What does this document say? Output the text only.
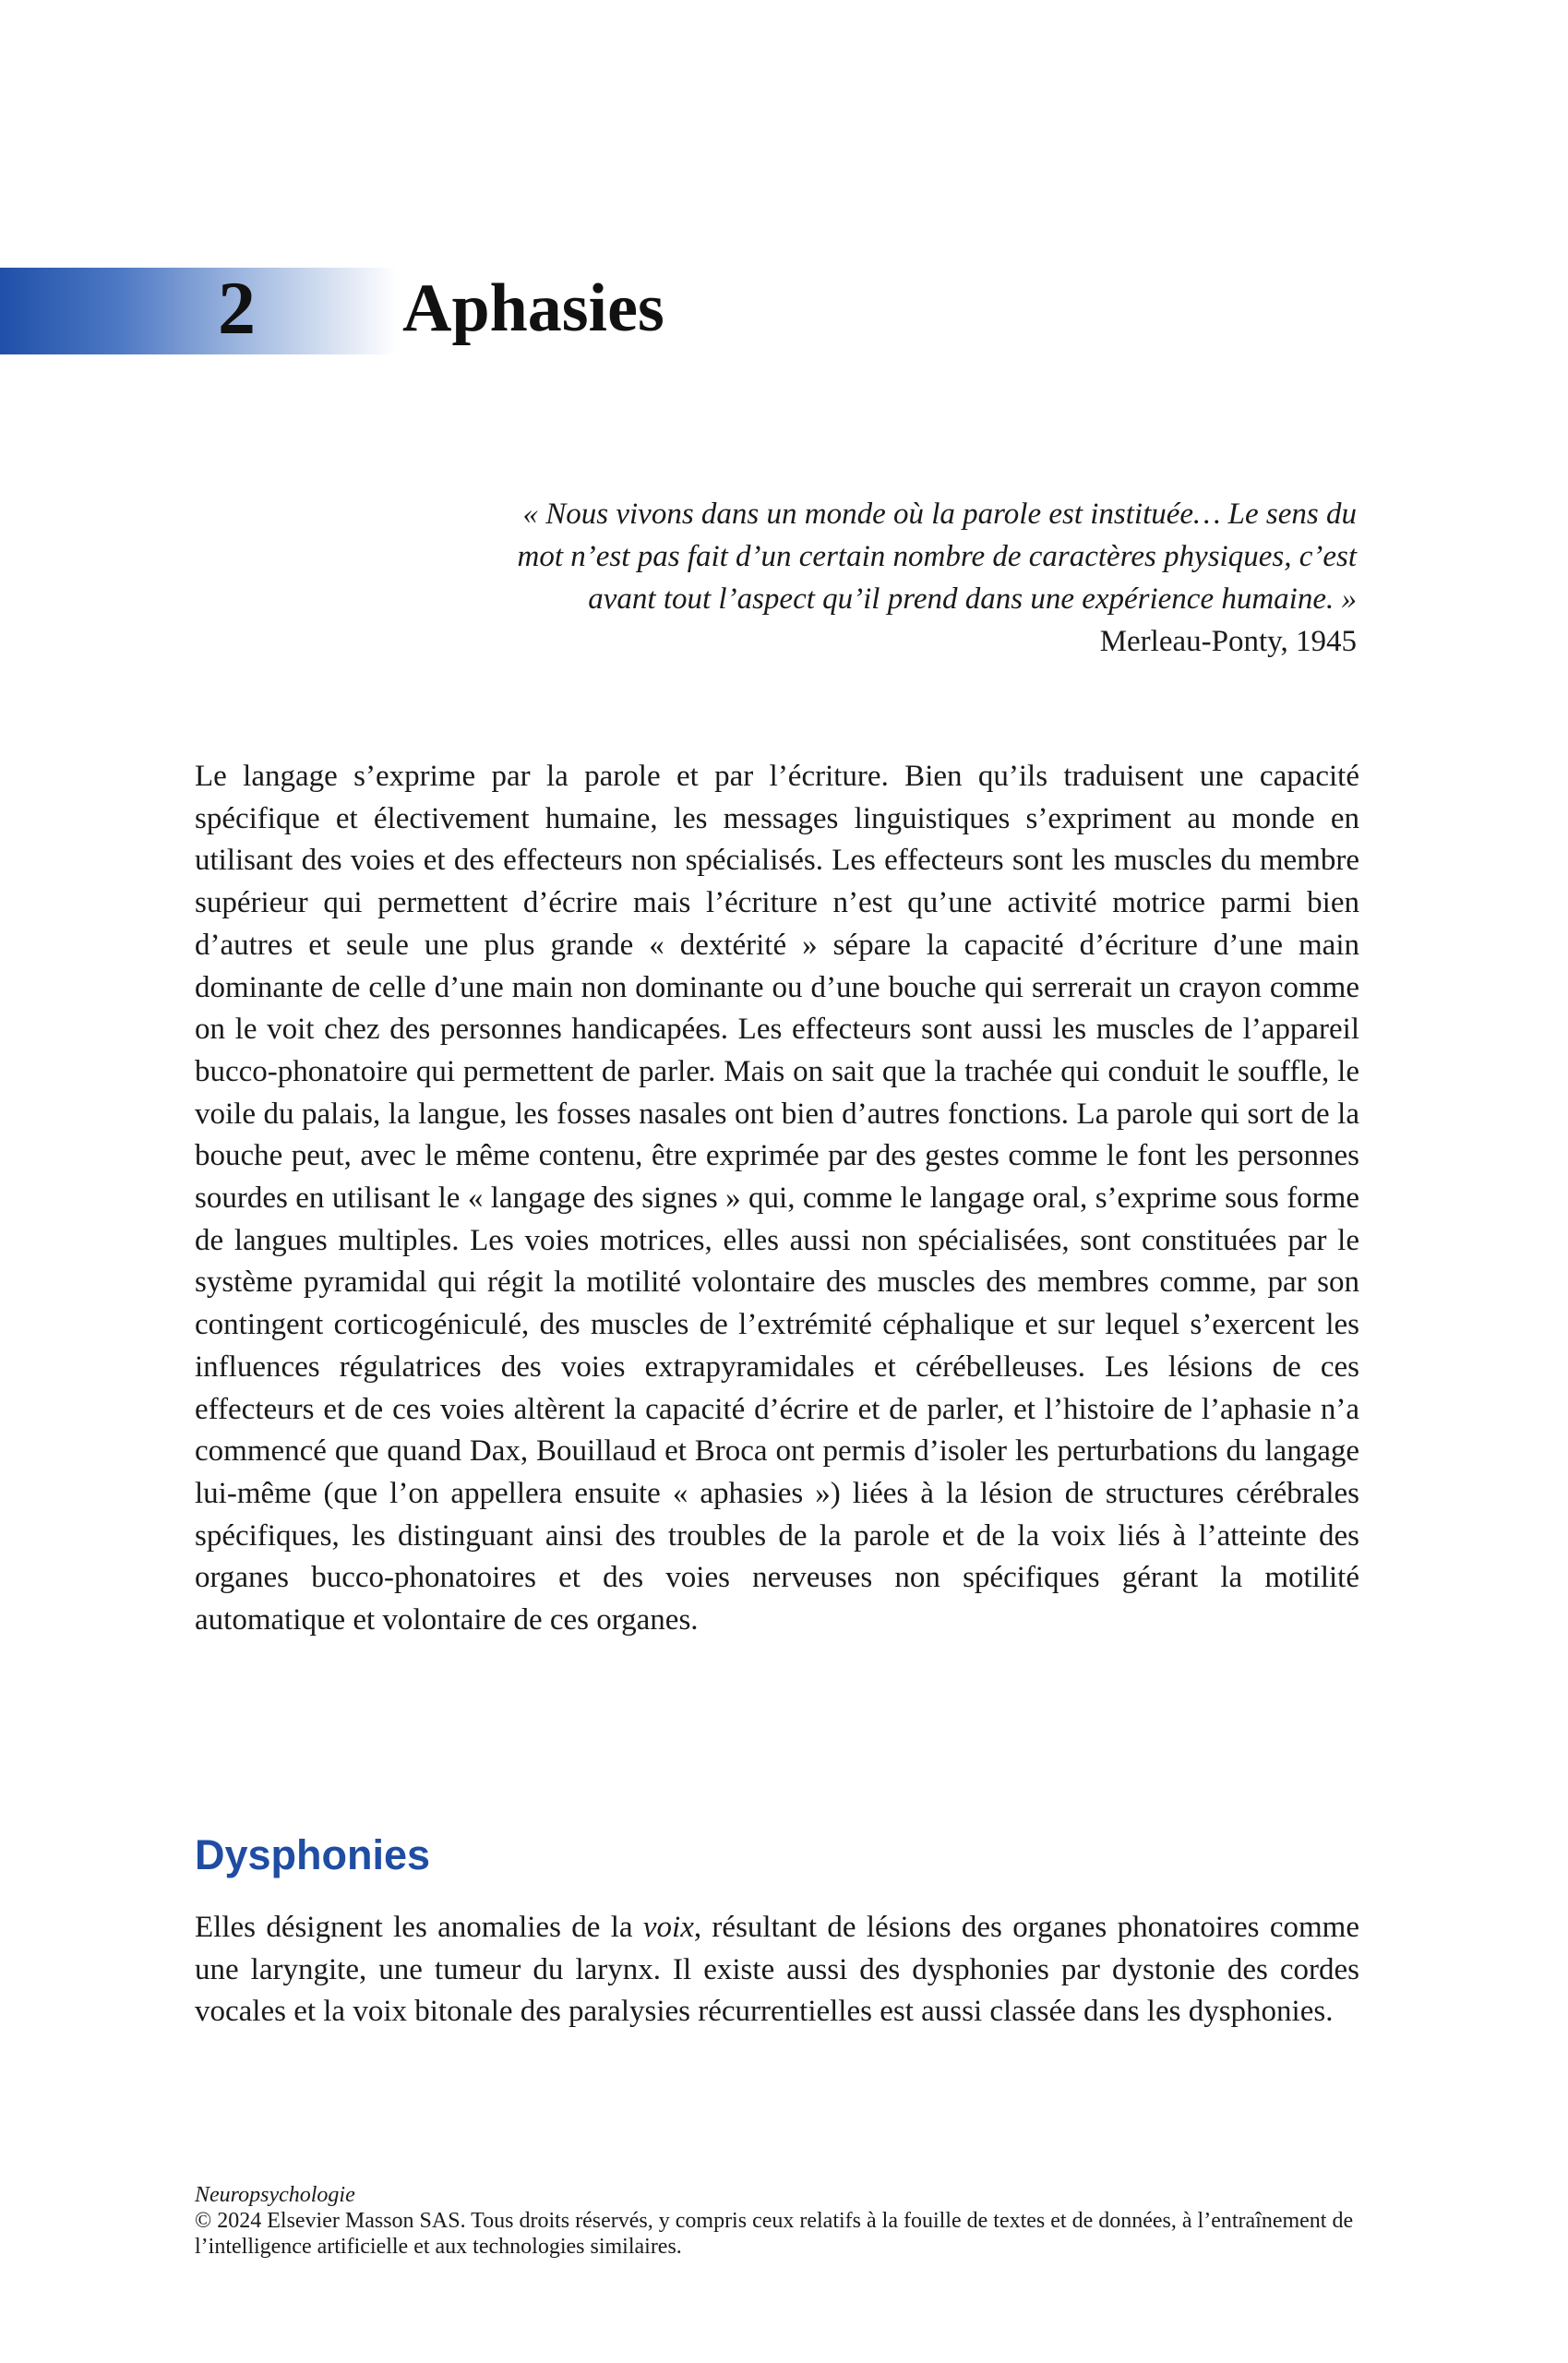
2 Aphasies

« Nous vivons dans un monde où la parole est instituée… Le sens du mot n’est pas fait d’un certain nombre de caractères physiques, c’est avant tout l’aspect qu’il prend dans une expérience humaine. »

Merleau-Ponty, 1945

Le langage s’exprime par la parole et par l’écriture. Bien qu’ils traduisent une capacité spécifique et électivement humaine, les messages linguistiques s’expriment au monde en utilisant des voies et des effecteurs non spécialisés. Les effecteurs sont les muscles du membre supérieur qui permettent d’écrire mais l’écriture n’est qu’une activité motrice parmi bien d’autres et seule une plus grande « dextérité » sépare la capacité d’écriture d’une main dominante de celle d’une main non dominante ou d’une bouche qui serrerait un crayon comme on le voit chez des personnes handicapées. Les effecteurs sont aussi les muscles de l’appareil bucco-phonatoire qui permettent de parler. Mais on sait que la trachée qui conduit le souffle, le voile du palais, la langue, les fosses nasales ont bien d’autres fonctions. La parole qui sort de la bouche peut, avec le même contenu, être exprimée par des gestes comme le font les personnes sourdes en utilisant le « langage des signes » qui, comme le langage oral, s’exprime sous forme de langues multiples. Les voies motrices, elles aussi non spécialisées, sont constituées par le système pyramidal qui régit la motilité volontaire des muscles des membres comme, par son contingent corticogéniculé, des muscles de l’extrémité céphalique et sur lequel s’exercent les influences régulatrices des voies extrapyramidales et cérébelleuses. Les lésions de ces effecteurs et de ces voies altèrent la capacité d’écrire et de parler, et l’histoire de l’aphasie n’a commencé que quand Dax, Bouillaud et Broca ont permis d’isoler les perturbations du langage lui-même (que l’on appellera ensuite « aphasies ») liées à la lésion de structures cérébrales spécifiques, les distinguant ainsi des troubles de la parole et de la voix liés à l’atteinte des organes bucco-phonatoires et des voies nerveuses non spécifiques gérant la motilité automatique et volontaire de ces organes.

Dysphonies

Elles désignent les anomalies de la voix, résultant de lésions des organes phonatoires comme une laryngite, une tumeur du larynx. Il existe aussi des dysphonies par dystonie des cordes vocales et la voix bitonale des paralysies récurrentielles est aussi classée dans les dysphonies.

Neuropsychologie

© 2024 Elsevier Masson SAS. Tous droits réservés, y compris ceux relatifs à la fouille de textes et de données, à l’entraînement de l’intelligence artificielle et aux technologies similaires.
